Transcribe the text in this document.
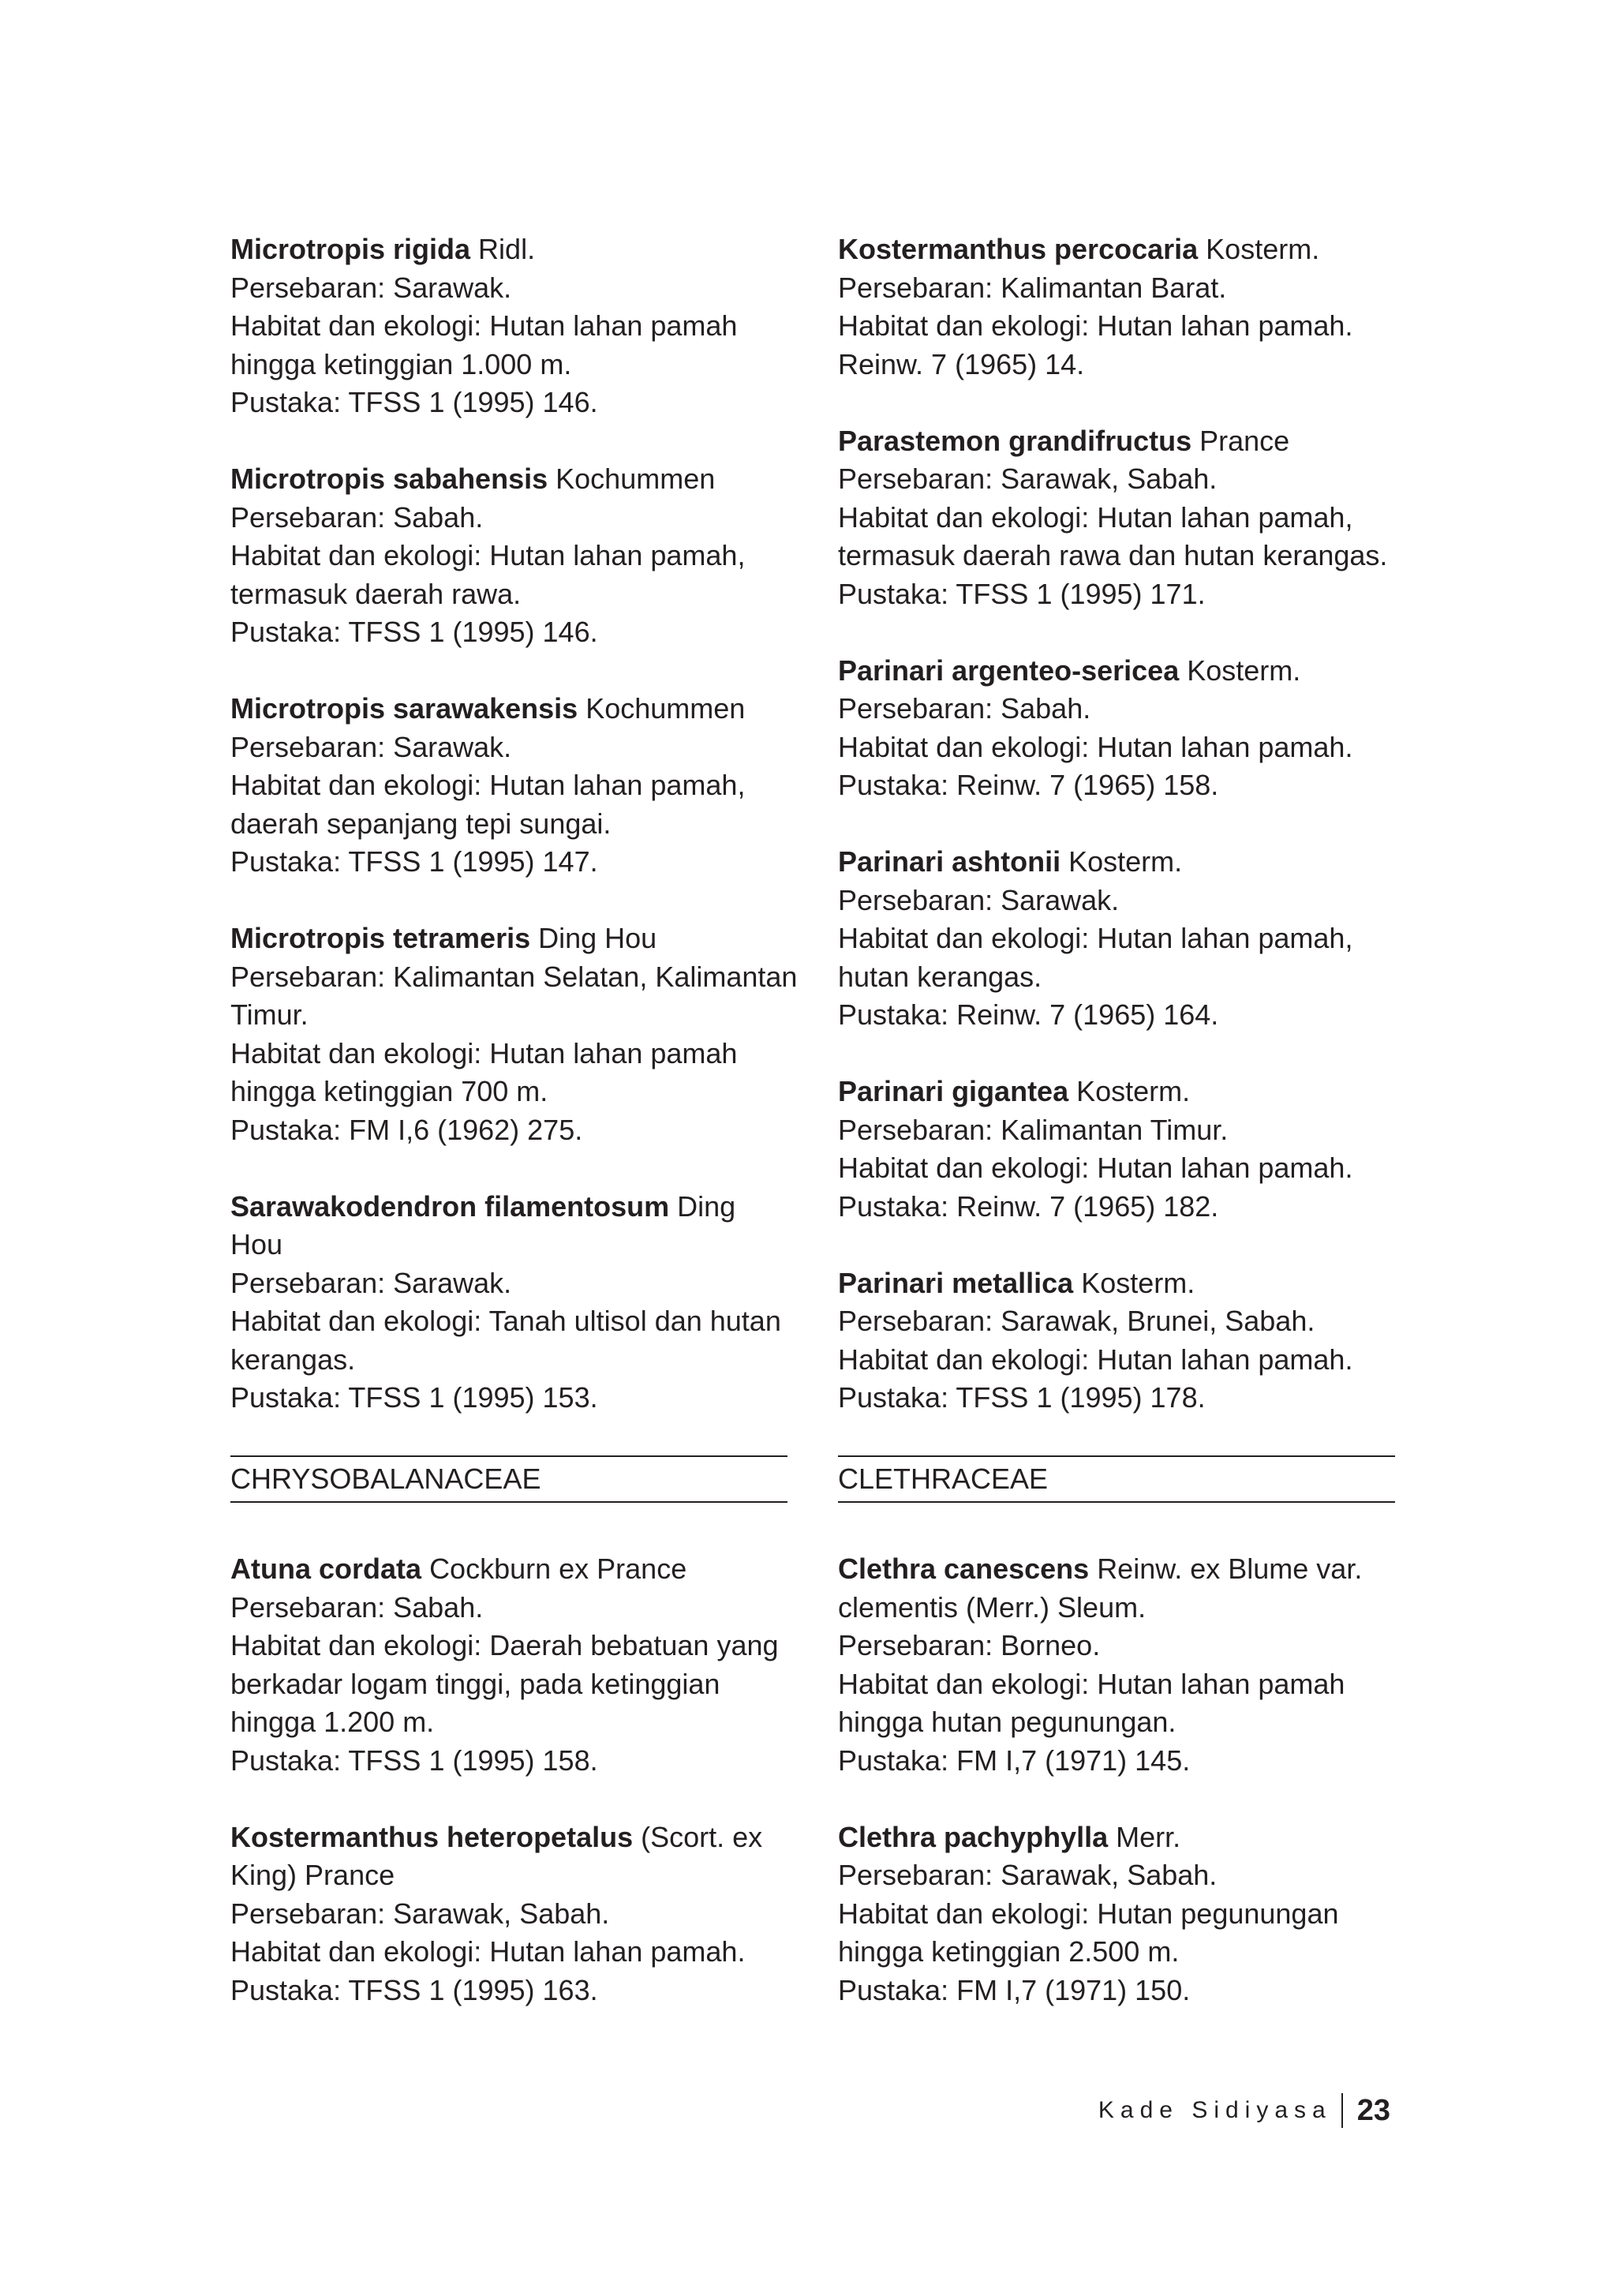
Microtropis rigida Ridl.
Persebaran: Sarawak.
Habitat dan ekologi: Hutan lahan pamah
hingga ketinggian 1.000 m.
Pustaka: TFSS 1 (1995) 146.
Microtropis sabahensis Kochummen
Persebaran: Sabah.
Habitat dan ekologi: Hutan lahan pamah,
termasuk daerah rawa.
Pustaka: TFSS 1 (1995) 146.
Microtropis sarawakensis Kochummen
Persebaran: Sarawak.
Habitat dan ekologi: Hutan lahan pamah,
daerah sepanjang tepi sungai.
Pustaka: TFSS 1 (1995) 147.
Microtropis tetrameris Ding Hou
Persebaran: Kalimantan Selatan, Kalimantan
Timur.
Habitat dan ekologi: Hutan lahan pamah
hingga ketinggian 700 m.
Pustaka: FM I,6 (1962) 275.
Sarawakodendron filamentosum Ding
Hou
Persebaran: Sarawak.
Habitat dan ekologi: Tanah ultisol dan hutan
kerangas.
Pustaka: TFSS 1 (1995) 153.
CHRYSOBALANACEAE
Atuna cordata Cockburn ex Prance
Persebaran: Sabah.
Habitat dan ekologi: Daerah bebatuan yang
berkadar logam tinggi, pada ketinggian
hingga 1.200 m.
Pustaka: TFSS 1 (1995) 158.
Kostermanthus heteropetalus (Scort. ex
King) Prance
Persebaran: Sarawak, Sabah.
Habitat dan ekologi: Hutan lahan pamah.
Pustaka: TFSS 1 (1995) 163.
Kostermanthus percocaria Kosterm.
Persebaran: Kalimantan Barat.
Habitat dan ekologi: Hutan lahan pamah.
Reinw. 7 (1965) 14.
Parastemon grandifructus Prance
Persebaran: Sarawak, Sabah.
Habitat dan ekologi: Hutan lahan pamah,
termasuk daerah rawa dan hutan kerangas.
Pustaka: TFSS 1 (1995) 171.
Parinari argenteo-sericea Kosterm.
Persebaran: Sabah.
Habitat dan ekologi: Hutan lahan pamah.
Pustaka: Reinw. 7 (1965) 158.
Parinari ashtonii Kosterm.
Persebaran: Sarawak.
Habitat dan ekologi: Hutan lahan pamah,
hutan kerangas.
Pustaka: Reinw. 7 (1965) 164.
Parinari gigantea Kosterm.
Persebaran: Kalimantan Timur.
Habitat dan ekologi: Hutan lahan pamah.
Pustaka: Reinw. 7 (1965) 182.
Parinari metallica Kosterm.
Persebaran: Sarawak, Brunei, Sabah.
Habitat dan ekologi: Hutan lahan pamah.
Pustaka: TFSS 1 (1995) 178.
CLETHRACEAE
Clethra canescens Reinw. ex Blume var.
clementis (Merr.) Sleum.
Persebaran: Borneo.
Habitat dan ekologi: Hutan lahan pamah
hingga hutan pegunungan.
Pustaka: FM I,7 (1971) 145.
Clethra pachyphylla Merr.
Persebaran: Sarawak, Sabah.
Habitat dan ekologi: Hutan pegunungan
hingga ketinggian 2.500 m.
Pustaka: FM I,7 (1971) 150.
Kade Sidiyasa 23
